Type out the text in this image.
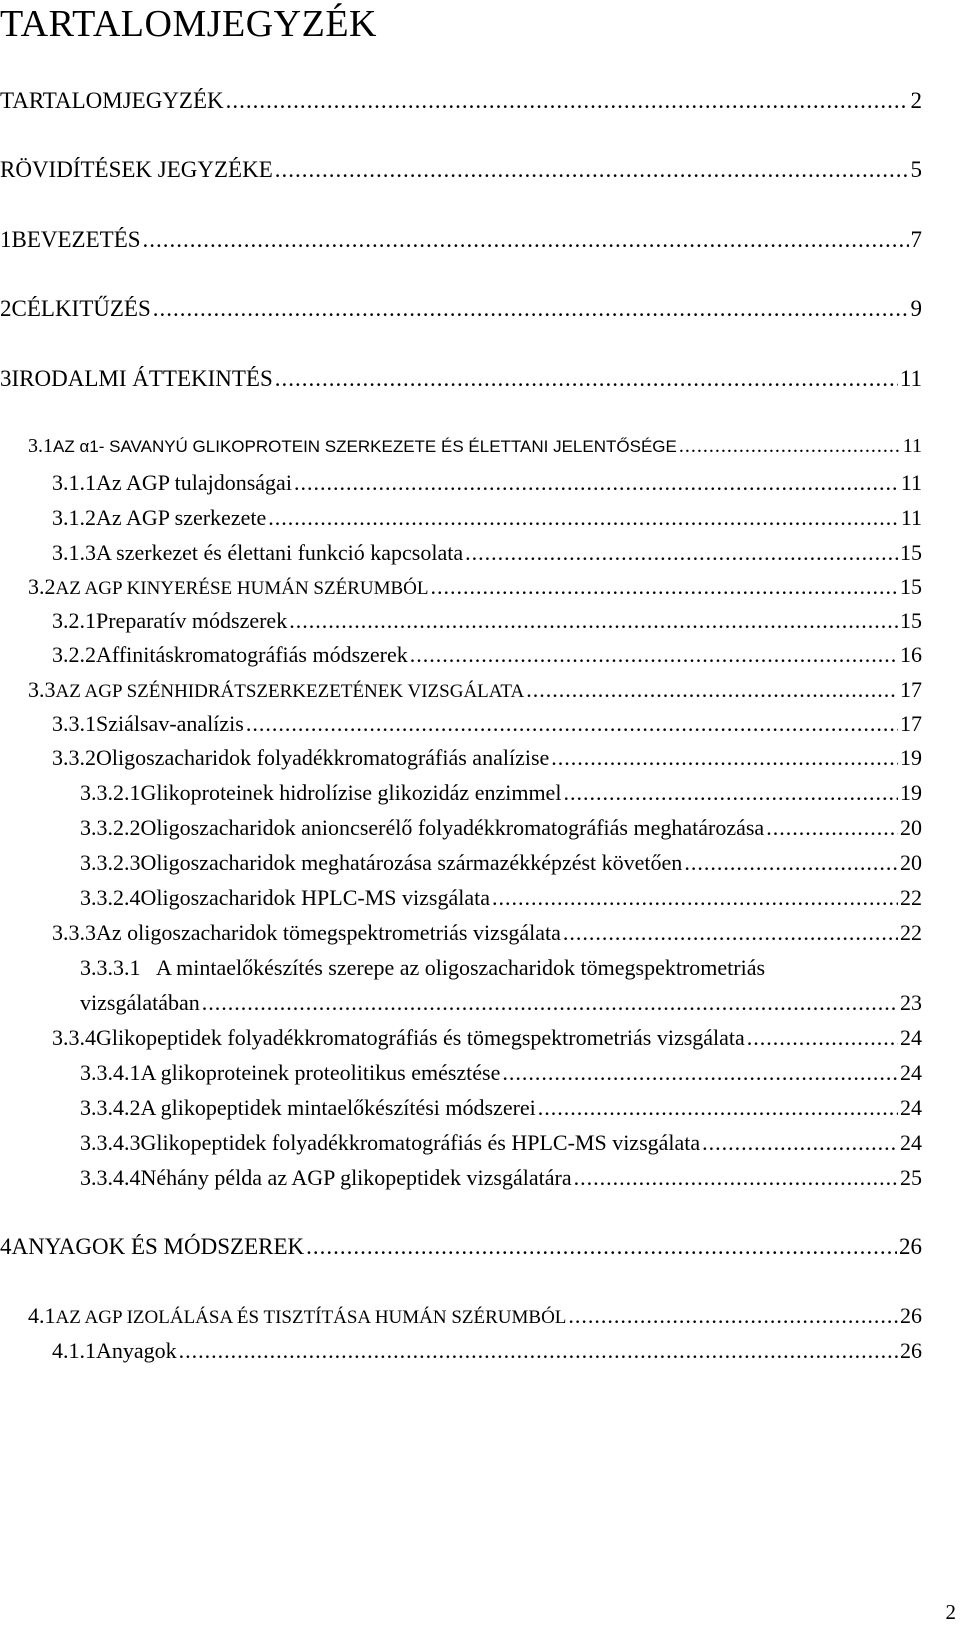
TARTALOMJEGYZÉK
TARTALOMJEGYZÉK .....	2
RÖVIDÍTÉSEK JEGYZÉKE .....	5
1 BEVEZETÉS .....	7
2 CÉLKITŰZÉS .....	9
3 IRODALMI ÁTTEKINTÉS .....	11
3.1 AZ α1- SAVANYÚ GLIKOPROTEIN SZERKEZETE ÉS ÉLETTANI JELENTŐSÉGE .....	11
3.1.1 Az AGP tulajdonságai .....	11
3.1.2 Az AGP szerkezete .....	11
3.1.3 A szerkezet és élettani funkció kapcsolata .....	15
3.2 AZ AGP KINYERÉSE HUMÁN SZÉRUMBÓL .....	15
3.2.1 Preparatív módszerek .....	15
3.2.2 Affinitáskromatográfiás módszerek .....	16
3.3 AZ AGP SZÉNHIDRÁTSZERKEZETÉNEK VIZSGÁLATA .....	17
3.3.1 Sziálsav-analízis .....	17
3.3.2 Oligoszacharidok folyadékkromatográfiás analízise .....	19
3.3.2.1 Glikoproteinek hidrolízise glikozidáz enzimmel .....	19
3.3.2.2 Oligoszacharidok anioncserélő folyadékkromatográfiás meghatározása .....	20
3.3.2.3 Oligoszacharidok meghatározása származékképzést követően .....	20
3.3.2.4 Oligoszacharidok HPLC-MS vizsgálata .....	22
3.3.3 Az oligoszacharidok tömegspektrometriás vizsgálata .....	22
3.3.3.1 A mintaelőkészítés szerepe az oligoszacharidok tömegspektrometriás
vizsgálatában .....	23
3.3.4 Glikopeptidek folyadékkromatográfiás és tömegspektrometriás vizsgálata .....	24
3.3.4.1 A glikoproteinek proteolitikus emésztése .....	24
3.3.4.2 A glikopeptidek mintaelőkészítési módszerei .....	24
3.3.4.3 Glikopeptidek folyadékkromatográfiás és HPLC-MS vizsgálata .....	24
3.3.4.4 Néhány példa az AGP glikopeptidek vizsgálatára .....	25
4 ANYAGOK ÉS MÓDSZEREK .....	26
4.1 AZ AGP IZOLÁLÁSA ÉS TISZTÍTÁSA HUMÁN SZÉRUMBÓL .....	26
4.1.1 Anyagok .....	26
2
